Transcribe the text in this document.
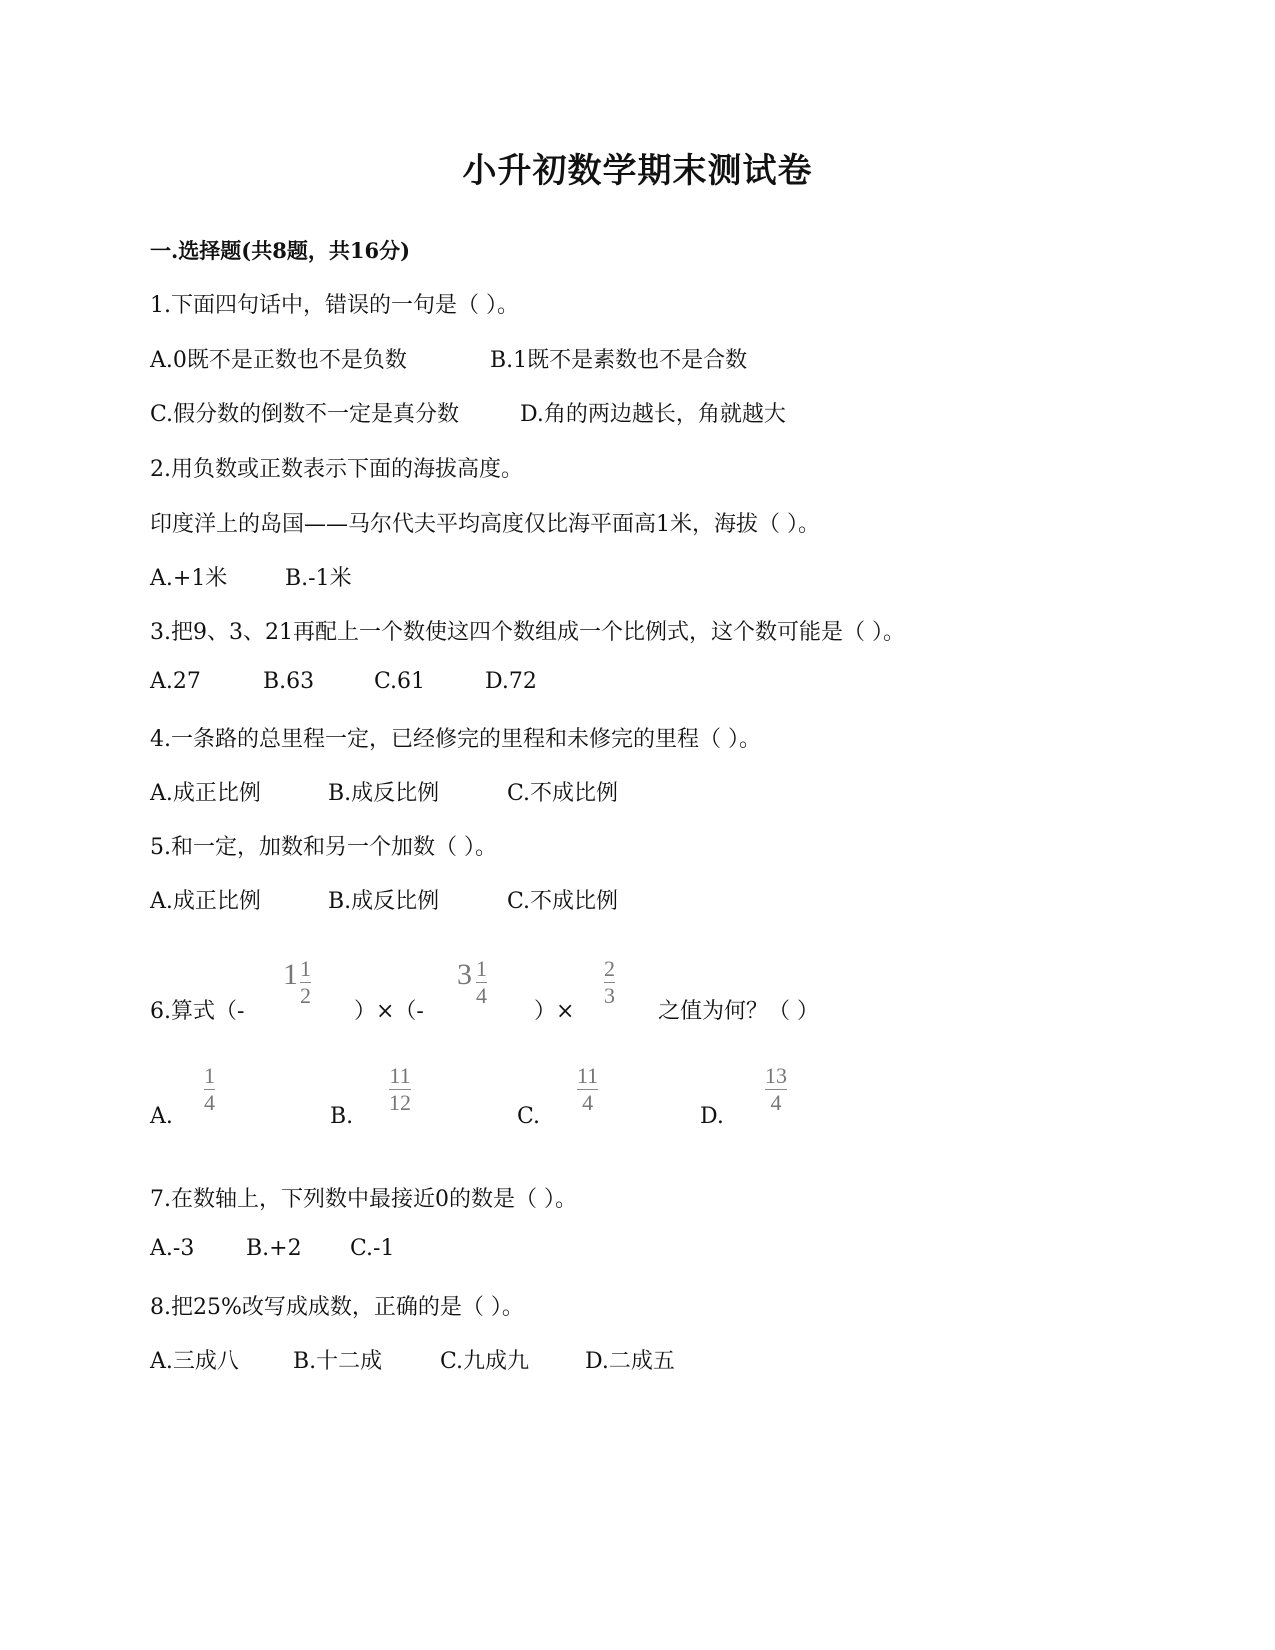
小升初数学期末测试卷
一.选择题(共8题，共16分)
1.下面四句话中，错误的一句是（ ）。
A.0既不是正数也不是负数	B.1既不是素数也不是合数
C.假分数的倒数不一定是真分数	D.角的两边越长，角就越大
2.用负数或正数表示下面的海拔高度。
印度洋上的岛国——马尔代夫平均高度仅比海平面高1米，海拔（ ）。
A.+1米	B.-1米
3.把9、3、21再配上一个数使这四个数组成一个比例式，这个数可能是（ ）。
A.27	B.63	C.61	D.72
4.一条路的总里程一定，已经修完的里程和未修完的里程（ ）。
A.成正比例	B.成反比例	C.不成比例
5.和一定，加数和另一个加数（ ）。
A.成正比例	B.成反比例	C.不成比例
6.算式（-
1 1
2
）×（-
3 1
4
）×
2
3
之值为何？（ ）
A.
1
4
B.
11
12
C.
11
4
D.
13
4
7.在数轴上，下列数中最接近0的数是（ ）。
A.-3 B.+2 C.-1
8.把25%改写成成数，正确的是（ ）。
A.三成八 B.十二成	C.九成九	D.二成五
